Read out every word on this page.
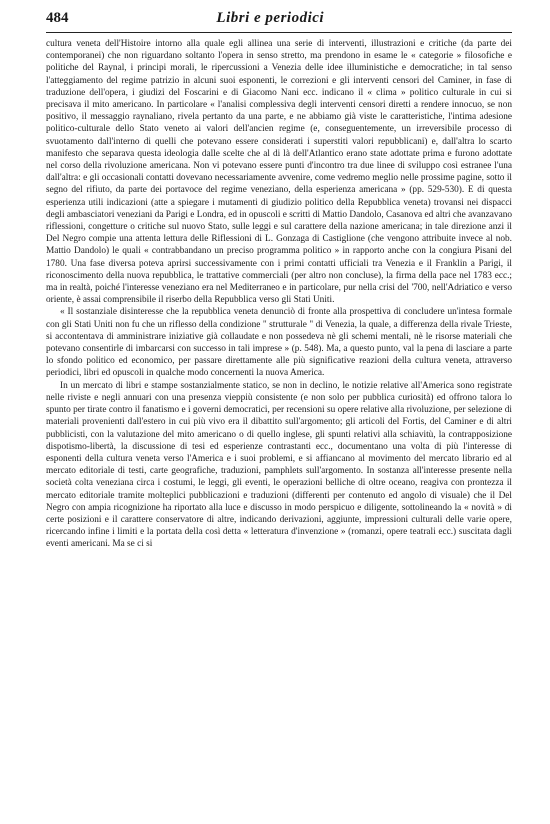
484	Libri e periodici

cultura veneta dell'Histoire intorno alla quale egli allinea una serie di interventi, illustrazioni e critiche (da parte dei contemporanei) che non riguardano soltanto l'opera in senso stretto, ma prendono in esame le « categorie » filosofiche e politiche del Raynal, i principi morali, le ripercussioni a Venezia delle idee illuministiche e democratiche; in tal senso l'atteggiamento del regime patrizio in alcuni suoi esponenti, le correzioni e gli interventi censori del Caminer, in fase di traduzione dell'opera, i giudizi del Foscarini e di Giacomo Nani ecc. indicano il « clima » politico culturale in cui si precisava il mito americano. In particolare « l'analisi complessiva degli interventi censori diretti a rendere innocuo, se non positivo, il messaggio raynaliano, rivela pertanto da una parte, e ne abbiamo già viste le caratteristiche, l'intima adesione politico-culturale dello Stato veneto ai valori dell'ancien regime (e, conseguentemente, un irreversibile processo di svuotamento dall'interno di quelli che potevano essere considerati i superstiti valori repubblicani) e, dall'altra lo scarto manifesto che separava questa ideologia dalle scelte che al di là dell'Atlantico erano state adottate prima e furono adottate nel corso della rivoluzione americana. Non vi potevano essere punti d'incontro tra due linee di sviluppo così estranee l'una dall'altra: e gli occasionali contatti dovevano necessariamente avvenire, come vedremo meglio nelle prossime pagine, sotto il segno del rifiuto, da parte dei portavoce del regime veneziano, della esperienza americana » (pp. 529-530). E di questa esperienza utili indicazioni (atte a spiegare i mutamenti di giudizio politico della Repubblica veneta) trovansi nei dispacci degli ambasciatori veneziani da Parigi e Londra, ed in opuscoli e scritti di Mattio Dandolo, Casanova ed altri che avanzavano riflessioni, congetture o critiche sul nuovo Stato, sulle leggi e sul carattere della nazione americana; in tale direzione anzi il Del Negro compie una attenta lettura delle Riflessioni di L. Gonzaga di Castiglione (che vengono attribuite invece al nob. Mattio Dandolo) le quali « contrabbandano un preciso programma politico » in rapporto anche con la congiura Pisani del 1780. Una fase diversa poteva aprirsi successivamente con i primi contatti ufficiali tra Venezia e il Franklin a Parigi, il riconoscimento della nuova repubblica, le trattative commerciali (per altro non concluse), la firma della pace nel 1783 ecc.; ma in realtà, poiché l'interesse veneziano era nel Mediterraneo e in particolare, pur nella crisi del '700, nell'Adriatico e verso oriente, è assai comprensibile il riserbo della Repubblica verso gli Stati Uniti.

« Il sostanziale disinteresse che la repubblica veneta denunciò di fronte alla prospettiva di concludere un'intesa formale con gli Stati Uniti non fu che un riflesso della condizione " strutturale " di Venezia, la quale, a differenza della rivale Trieste, si accontentava di amministrare iniziative già collaudate e non possedeva nè gli schemi mentali, nè le risorse materiali che potevano consentirle di imbarcarsi con successo in tali imprese » (p. 548). Ma, a questo punto, val la pena di lasciare a parte lo sfondo politico ed economico, per passare direttamente alle più significative reazioni della cultura veneta, attraverso periodici, libri ed opuscoli in qualche modo concernenti la nuova America.

In un mercato di libri e stampe sostanzialmente statico, se non in declino, le notizie relative all'America sono registrate nelle riviste e negli annuari con una presenza vieppiù consistente (e non solo per pubblica curiosità) ed offrono talora lo spunto per tirate contro il fanatismo e i governi democratici, per recensioni su opere relative alla rivoluzione, per selezione di materiali provenienti dall'estero in cui più vivo era il dibattito sull'argomento; gli articoli del Fortis, del Caminer e di altri pubblicisti, con la valutazione del mito americano o di quello inglese, gli spunti relativi alla schiavitù, la contrapposizione dispotismo-libertà, la discussione di tesi ed esperienze contrastanti ecc., documentano una volta di più l'interesse di esponenti della cultura veneta verso l'America e i suoi problemi, e si affiancano al movimento del mercato librario ed al mercato editoriale di testi, carte geografiche, traduzioni, pamphlets sull'argomento. In sostanza all'interesse presente nella società colta veneziana circa i costumi, le leggi, gli eventi, le operazioni belliche di oltre oceano, reagiva con prontezza il mercato editoriale tramite molteplici pubblicazioni e traduzioni (differenti per contenuto ed angolo di visuale) che il Del Negro con ampia ricognizione ha riportato alla luce e discusso in modo perspicuo e diligente, sottolineando la « novità » di certe posizioni e il carattere conservatore di altre, indicando derivazioni, aggiunte, impressioni culturali delle varie opere, ricercando infine i limiti e la portata della così detta « letteratura d'invenzione » (romanzi, opere teatrali ecc.) suscitata dagli eventi americani. Ma se ci si
